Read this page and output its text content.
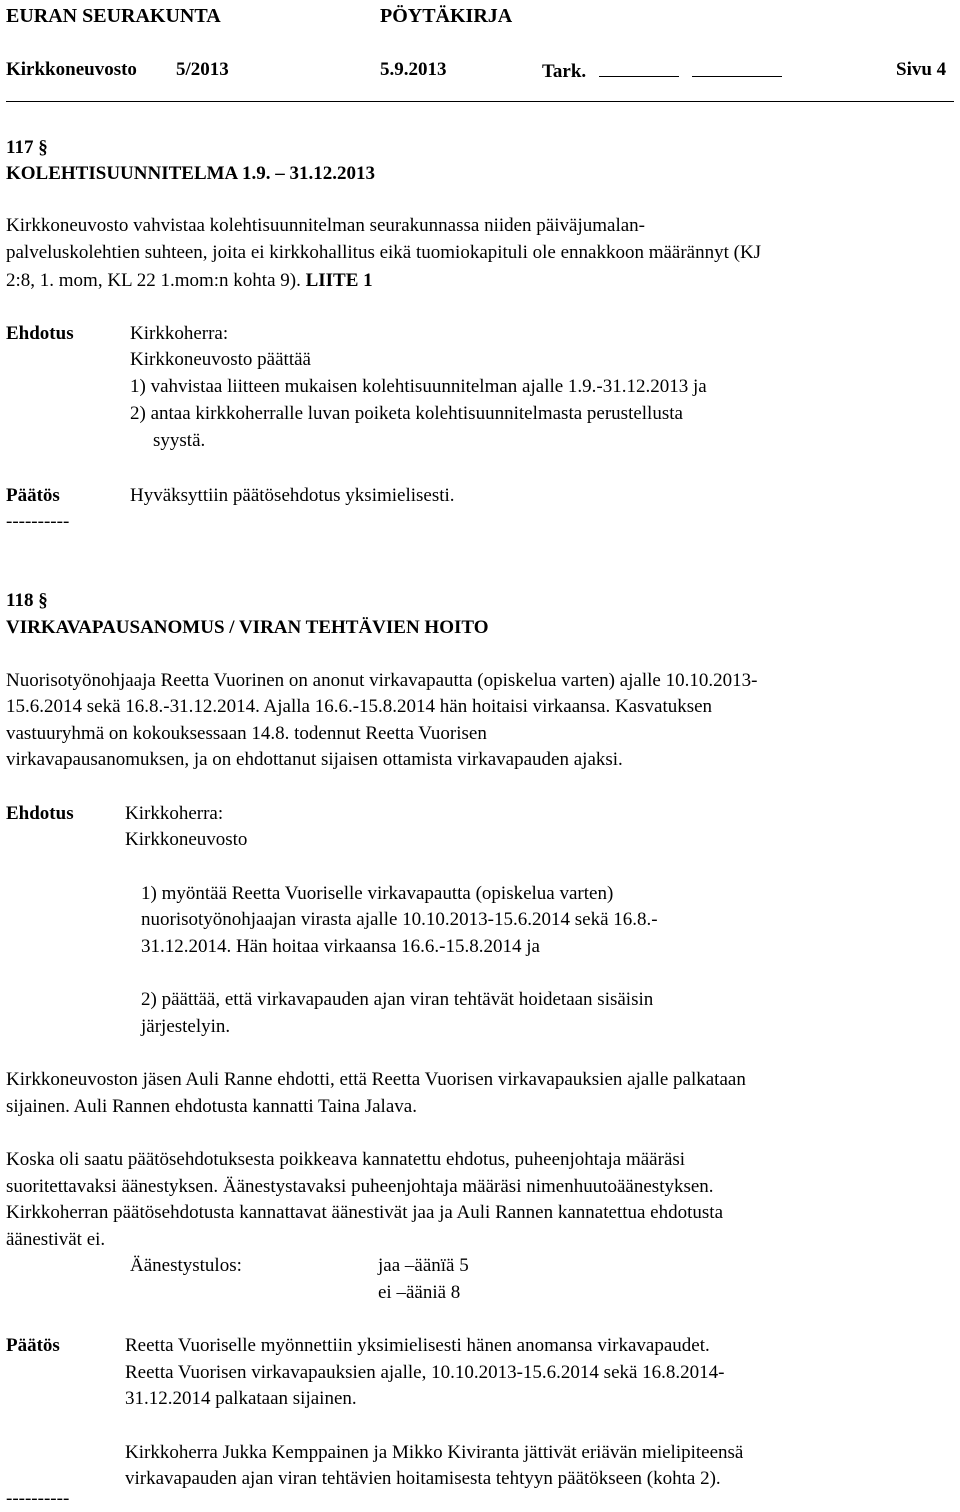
EURAN SEURAKUNTA	PÖYTÄKIRJA
Kirkkoneuvosto 5/2013	5.9.2013	Tark.	Sivu 4
117 §
KOLEHTISUUNNITELMA 1.9. – 31.12.2013
Kirkkoneuvosto vahvistaa kolehtisuunnitelman seurakunnassa niiden päiväjumalan-
palveluskolehtien suhteen, joita ei kirkkohallitus eikä tuomiokapituli ole ennakkoon määrännyt (KJ
2:8, 1. mom, KL 22 1.mom:n kohta 9). LIITE 1
Ehdotus	Kirkkoherra:
Kirkkoneuvosto päättää
1) vahvistaa liitteen mukaisen kolehtisuunnitelman ajalle 1.9.-31.12.2013 ja
2) antaa kirkkoherralle luvan poiketa kolehtisuunnitelmasta perustellusta
syystä.
Päätös	Hyväksyttiin päätösehdotus yksimielisesti.
----------
118 §
VIRKAVAPAUSANOMUS / VIRAN TEHTÄVIEN HOITO
Nuorisotyönohjaaja Reetta Vuorinen on anonut virkavapautta (opiskelua varten) ajalle 10.10.2013-
15.6.2014 sekä 16.8.-31.12.2014. Ajalla 16.6.-15.8.2014 hän hoitaisi virkaansa. Kasvatuksen
vastuuryhmä on kokouksessaan 14.8. todennut Reetta Vuorisen
virkavapausanomuksen, ja on ehdottanut sijaisen ottamista virkavapauden ajaksi.
Ehdotus	Kirkkoherra:
Kirkkoneuvosto
1) myöntää Reetta Vuoriselle virkavapautta (opiskelua varten)
nuorisotyönohjaajan virasta ajalle 10.10.2013-15.6.2014 sekä 16.8.-
31.12.2014. Hän hoitaa virkaansa 16.6.-15.8.2014 ja
2) päättää, että virkavapauden ajan viran tehtävät hoidetaan sisäisin
järjestelyin.
Kirkkoneuvoston jäsen Auli Ranne ehdotti, että Reetta Vuorisen virkavapauksien ajalle palkataan
sijainen. Auli Rannen ehdotusta kannatti Taina Jalava.
Koska oli saatu päätösehdotuksesta poikkeava kannatettu ehdotus, puheenjohtaja määräsi
suoritettavaksi äänestyksen. Äänestystavaksi puheenjohtaja määräsi nimenhuutoäänestyksen.
Kirkkoherran päätösehdotusta kannattavat äänestivät jaa ja Auli Rannen kannatettua ehdotusta
äänestivät ei.
Äänestystulos:	jaa –äänïä 5
ei –ääniä 8
Päätös	Reetta Vuoriselle myönnettiin yksimielisesti hänen anomansa virkavapaudet.
Reetta Vuorisen virkavapauksien ajalle, 10.10.2013-15.6.2014 sekä 16.8.2014-
31.12.2014 palkataan sijainen.
Kirkkoherra Jukka Kemppainen ja Mikko Kiviranta jättivät eriävän mielipiteensä
virkavapauden ajan viran tehtävien hoitamisesta tehtyyn päätökseen (kohta 2).
----------
